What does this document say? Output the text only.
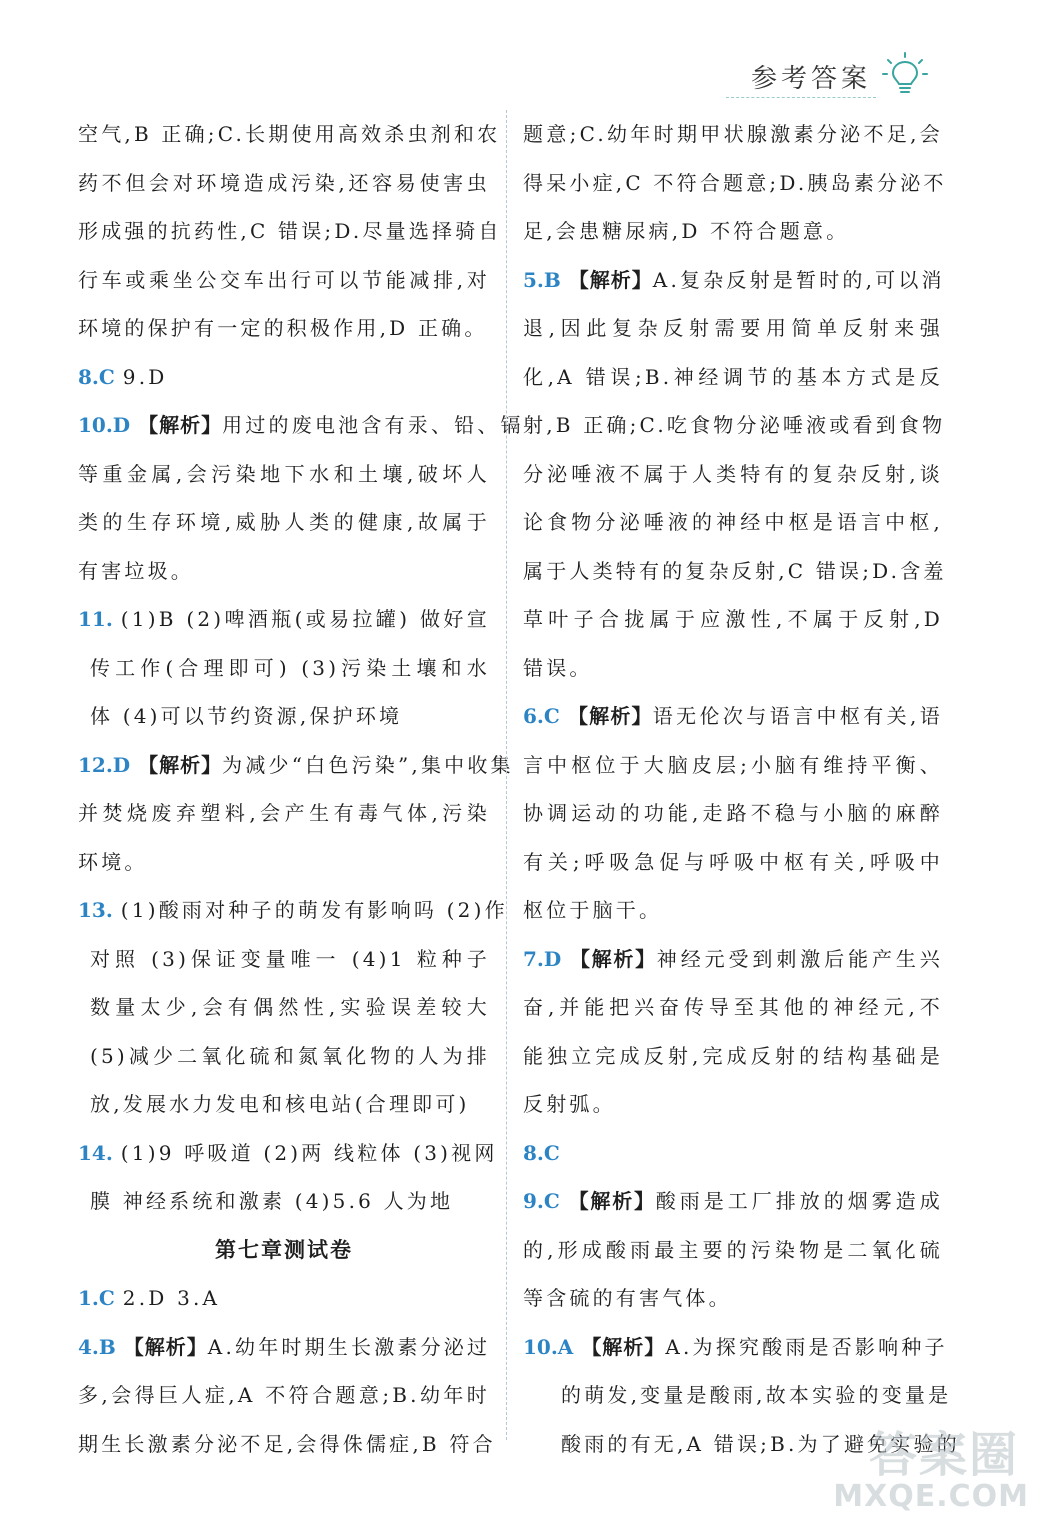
参考答案
空气,B 正确;C.长期使用高效杀虫剂和农
药不但会对环境造成污染,还容易使害虫
形成强的抗药性,C 错误;D.尽量选择骑自
行车或乘坐公交车出行可以节能减排,对
环境的保护有一定的积极作用,D 正确。
8.C 9.D
10.D 【解析】用过的废电池含有汞、铅、镉
等重金属,会污染地下水和土壤,破坏人
类的生存环境,威胁人类的健康,故属于
有害垃圾。
11. (1)B (2)啤酒瓶(或易拉罐) 做好宣
传工作(合理即可) (3)污染土壤和水
体 (4)可以节约资源,保护环境
12.D 【解析】为减少“白色污染”,集中收集
并焚烧废弃塑料,会产生有毒气体,污染
环境。
13. (1)酸雨对种子的萌发有影响吗 (2)作
对照 (3)保证变量唯一 (4)1 粒种子
数量太少,会有偶然性,实验误差较大
(5)减少二氧化硫和氮氧化物的人为排
放,发展水力发电和核电站(合理即可)
14. (1)9 呼吸道 (2)两 线粒体 (3)视网
膜 神经系统和激素 (4)5.6 人为地
第七章测试卷
1.C 2.D 3.A
4.B 【解析】A.幼年时期生长激素分泌过
多,会得巨人症,A 不符合题意;B.幼年时
期生长激素分泌不足,会得侏儒症,B 符合
题意;C.幼年时期甲状腺激素分泌不足,会
得呆小症,C 不符合题意;D.胰岛素分泌不
足,会患糖尿病,D 不符合题意。
5.B 【解析】A.复杂反射是暂时的,可以消
退,因此复杂反射需要用简单反射来强
化,A 错误;B.神经调节的基本方式是反
射,B 正确;C.吃食物分泌唾液或看到食物
分泌唾液不属于人类特有的复杂反射,谈
论食物分泌唾液的神经中枢是语言中枢,
属于人类特有的复杂反射,C 错误;D.含羞
草叶子合拢属于应激性,不属于反射,D
错误。
6.C 【解析】语无伦次与语言中枢有关,语
言中枢位于大脑皮层;小脑有维持平衡、
协调运动的功能,走路不稳与小脑的麻醉
有关;呼吸急促与呼吸中枢有关,呼吸中
枢位于脑干。
7.D 【解析】神经元受到刺激后能产生兴
奋,并能把兴奋传导至其他的神经元,不
能独立完成反射,完成反射的结构基础是
反射弧。
8.C
9.C 【解析】酸雨是工厂排放的烟雾造成
的,形成酸雨最主要的污染物是二氧化硫
等含硫的有害气体。
10.A 【解析】A.为探究酸雨是否影响种子
的萌发,变量是酸雨,故本实验的变量是
酸雨的有无,A 错误;B.为了避免实验的
答案圈
MXQE.COM
